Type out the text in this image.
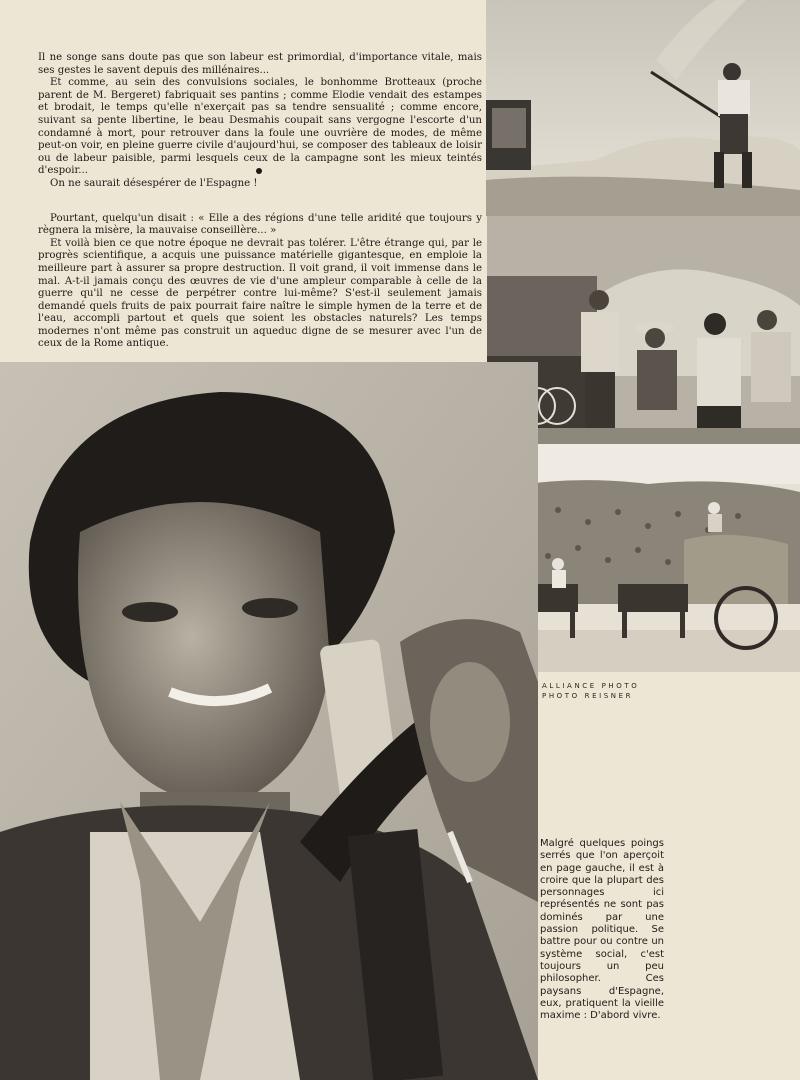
Il ne songe sans doute pas que son labeur est primordial, d'importance vitale, mais ses gestes le savent depuis des millénaires...

Et comme, au sein des convulsions sociales, le bonhomme Brotteaux (proche parent de M. Bergeret) fabriquait ses pantins ; comme Elodie vendait des estampes et brodait, le temps qu'elle n'exerçait pas sa tendre sensualité ; comme encore, suivant sa pente libertine, le beau Desmahis coupait sans vergogne l'escorte d'un condamné à mort, pour retrouver dans la foule une ouvrière de modes, de même peut-on voir, en pleine guerre civile d'aujourd'hui, se composer des tableaux de loisir ou de labeur paisible, parmi lesquels ceux de la campagne sont les mieux teintés d'espoir...

On ne saurait désespérer de l'Espagne !

Pourtant, quelqu'un disait : « Elle a des régions d'une telle aridité que toujours y règnera la misère, la mauvaise conseillère... »

Et voilà bien ce que notre époque ne devrait pas tolérer. L'être étrange qui, par le progrès scientifique, a acquis une puissance matérielle gigantesque, en emploie la meilleure part à assurer sa propre destruction. Il voit grand, il voit immense dans le mal. A-t-il jamais conçu des œuvres de vie d'une ampleur comparable à celle de la guerre qu'il ne cesse de perpétrer contre lui-même? S'est-il seulement jamais demandé quels fruits de paix pourrait faire naître le simple hymen de la terre et de l'eau, accompli partout et quels que soient les obstacles naturels? Les temps modernes n'ont même pas construit un aqueduc digne de se mesurer avec l'un de ceux de la Rome antique.

ALLIANCE PHOTO
PHOTO REISNER
Malgré quelques poings serrés que l'on aperçoit en page gauche, il est à croire que la plupart des personnages ici représentés ne sont pas dominés par une passion politique. Se battre pour ou contre un système social, c'est toujours un peu philosopher. Ces paysans d'Espagne, eux, pratiquent la vieille maxime : D'abord vivre.
